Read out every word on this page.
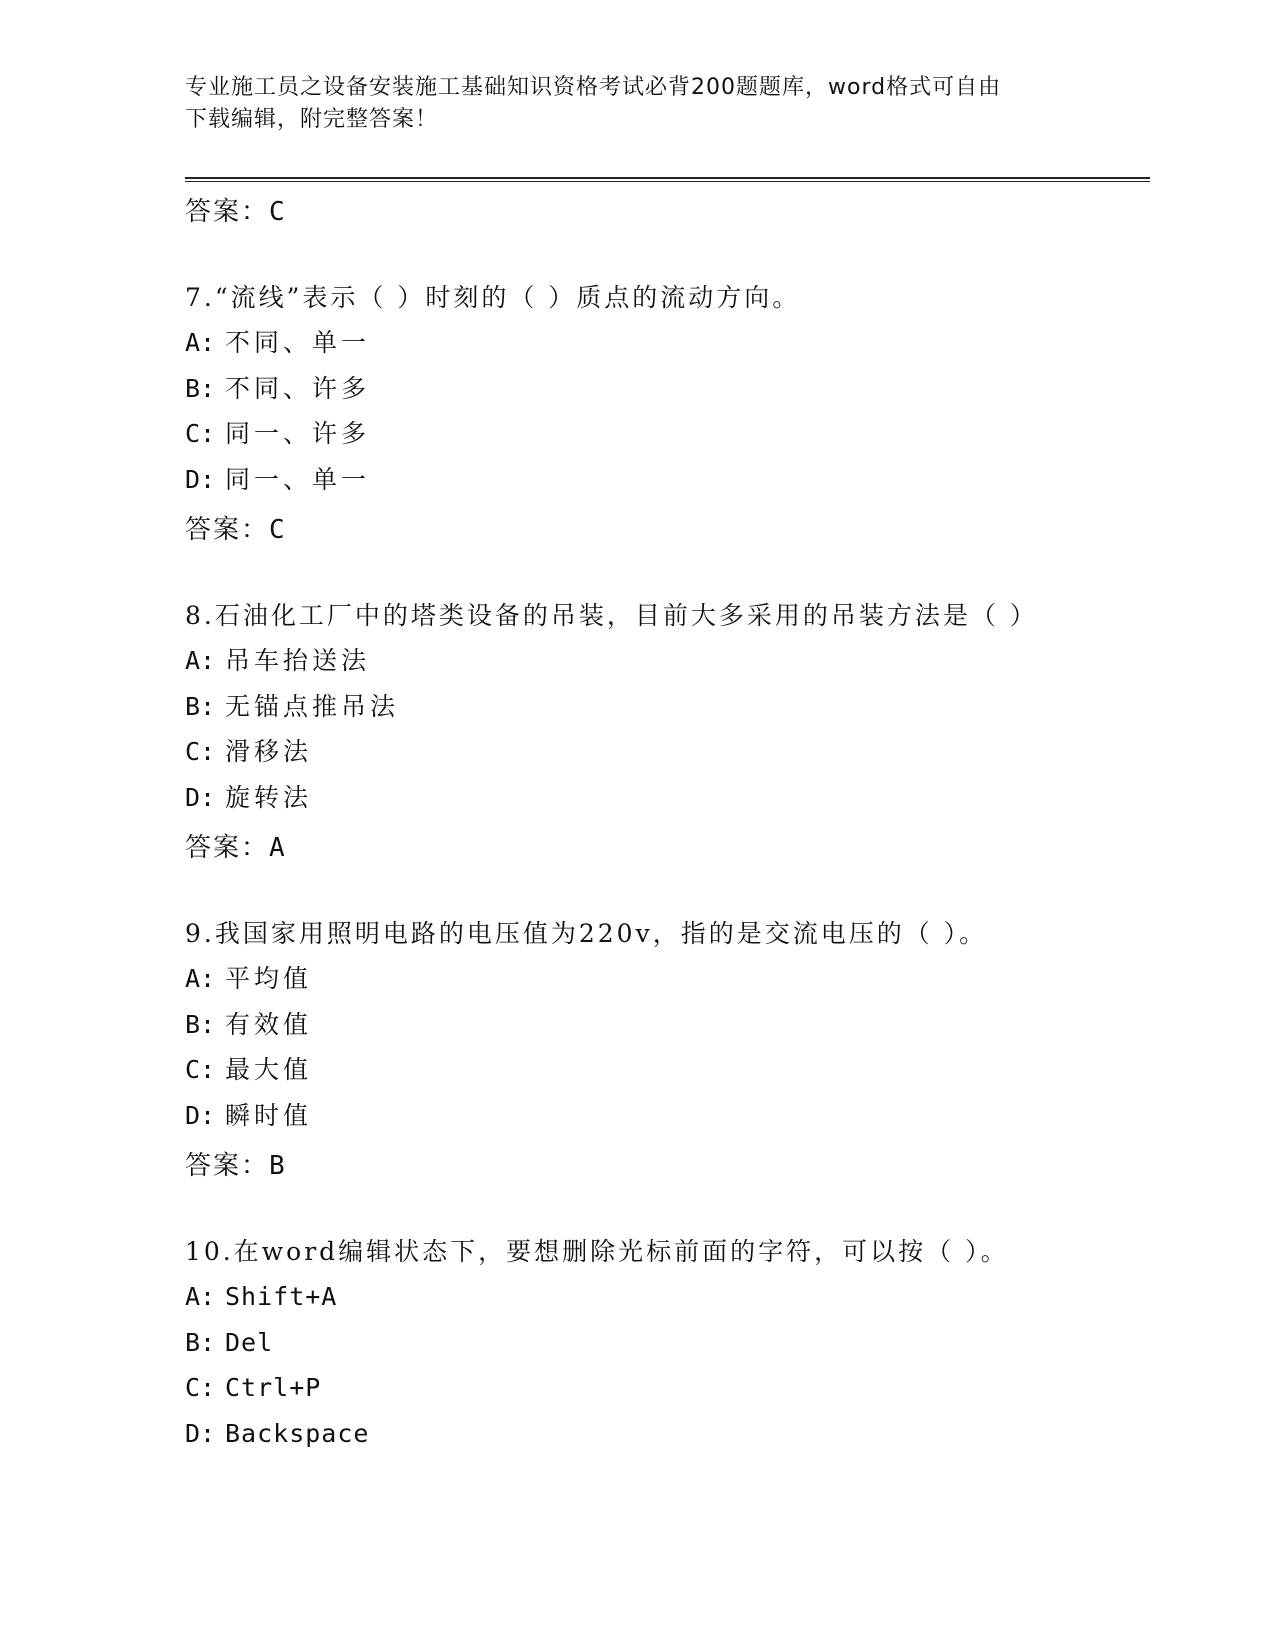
专业施工员之设备安装施工基础知识资格考试必背200题题库，word格式可自由
下载编辑，附完整答案！
答案：C
7.“流线”表示（ ）时刻的（ ）质点的流动方向。
A: 不同、单一
B: 不同、许多
C: 同一、许多
D: 同一、单一
答案：C
8.石油化工厂中的塔类设备的吊装，目前大多采用的吊装方法是（ ）
A: 吊车抬送法
B: 无锚点推吊法
C: 滑移法
D: 旋转法
答案：A
9.我国家用照明电路的电压值为220v，指的是交流电压的（ ）。
A: 平均值
B: 有效值
C: 最大值
D: 瞬时值
答案：B
10.在word编辑状态下，要想删除光标前面的字符，可以按（ ）。
A: Shift+A
B: Del
C: Ctrl+P
D: Backspace
